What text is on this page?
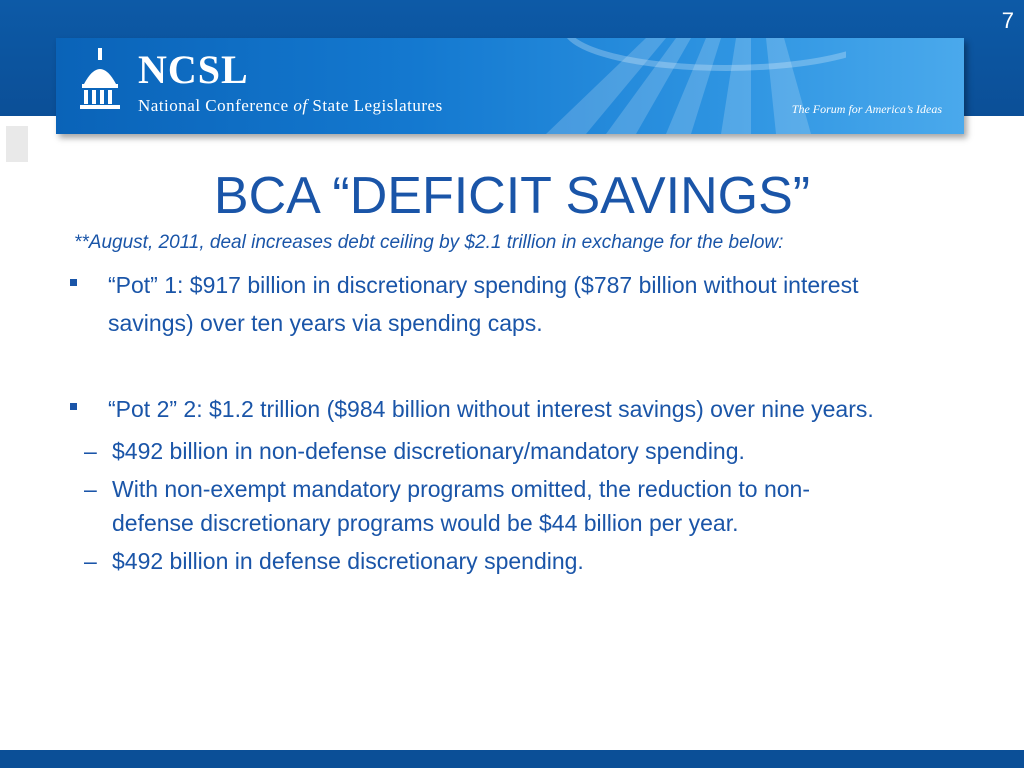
7
NCSL
National Conference of State Legislatures	The Forum for America’s Ideas
BCA “DEFICIT SAVINGS”
**August, 2011, deal increases debt ceiling by $2.1 trillion in exchange for the below:
“Pot” 1: $917 billion in discretionary spending ($787 billion without interest savings) over ten years via spending caps.
“Pot 2” 2: $1.2 trillion ($984 billion without interest savings) over nine years.
– $492 billion in non-defense discretionary/mandatory spending.
– With non-exempt mandatory programs omitted, the reduction to non-defense discretionary programs would be $44 billion per year.
– $492 billion in defense discretionary spending.
